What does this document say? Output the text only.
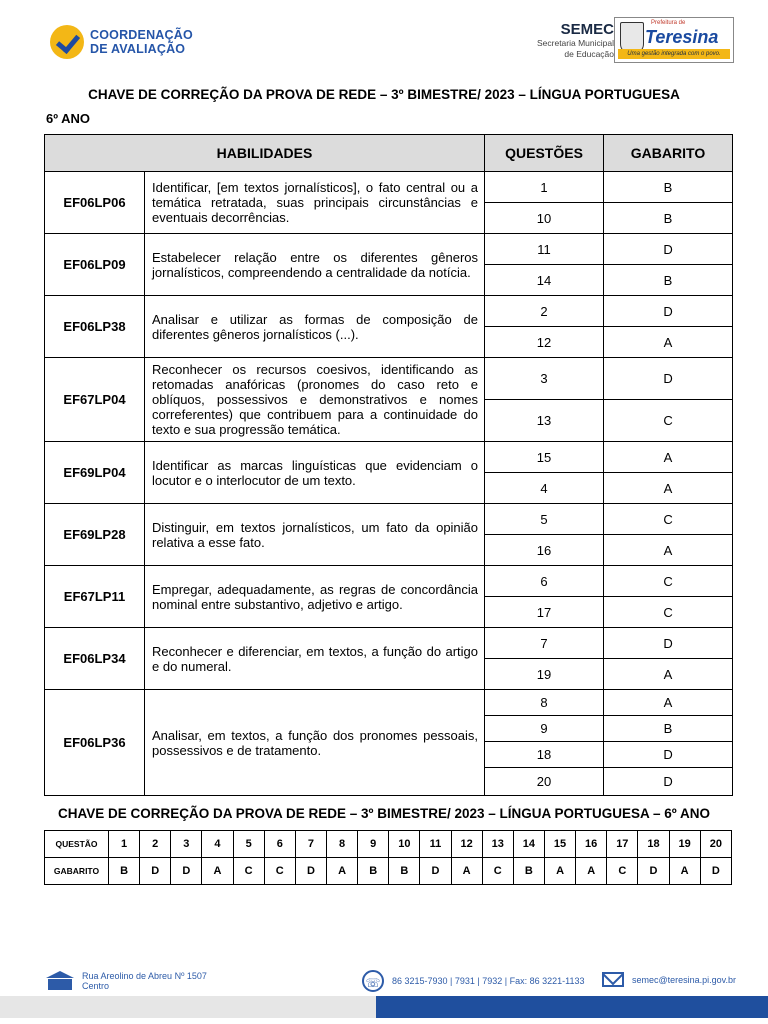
COORDENAÇÃO
DE AVALIAÇÃO
SEMEC
Secretaria Municipal
de Educação
Prefeitura de
Teresina
Uma gestão integrada com o povo.
CHAVE DE CORREÇÃO DA PROVA DE REDE – 3º BIMESTRE/ 2023 – LÍNGUA PORTUGUESA
6º ANO
HABILIDADES		QUESTÕES	GABARITO
EF06LP06	Identificar, [em textos jornalísticos], o fato central ou a temática retratada, suas principais circunstâncias e eventuais decorrências.	1	B
		10	B
EF06LP09	Estabelecer relação entre os diferentes gêneros jornalísticos, compreendendo a centralidade da notícia.	11	D
		14	B
EF06LP38	Analisar e utilizar as formas de composição de diferentes gêneros jornalísticos (...).	2	D
		12	A
EF67LP04	Reconhecer os recursos coesivos, identificando as retomadas anafóricas (pronomes do caso reto e oblíquos, possessivos e demonstrativos e nomes correferentes) que contribuem para a continuidade do texto e sua progressão temática.	3	D
		13	C
EF69LP04	Identificar as marcas linguísticas que evidenciam o locutor e o interlocutor de um texto.	15	A
		4	A
EF69LP28	Distinguir, em textos jornalísticos, um fato da opinião relativa a esse fato.	5	C
		16	A
EF67LP11	Empregar, adequadamente, as regras de concordância nominal entre substantivo, adjetivo e artigo.	6	C
		17	C
EF06LP34	Reconhecer e diferenciar, em textos, a função do artigo e do numeral.	7	D
		19	A
EF06LP36	Analisar, em textos, a função dos pronomes pessoais, possessivos e de tratamento.	8	A
		9	B
		18	D
		20	D
CHAVE DE CORREÇÃO DA PROVA DE REDE – 3º BIMESTRE/ 2023 – LÍNGUA PORTUGUESA – 6º ANO
QUESTÃO	1	2	3	4	5	6	7	8	9	10	11	12	13	14	15	16	17	18	19	20
GABARITO	B	D	D	A	C	C	D	A	B	B	D	A	C	B	A	A	C	D	A	D
Rua Areolino de Abreu Nº 1507
Centro	☏	86 3215-7930 | 7931 | 7932 | Fax: 86 3221-1133	semec@teresina.pi.gov.br
